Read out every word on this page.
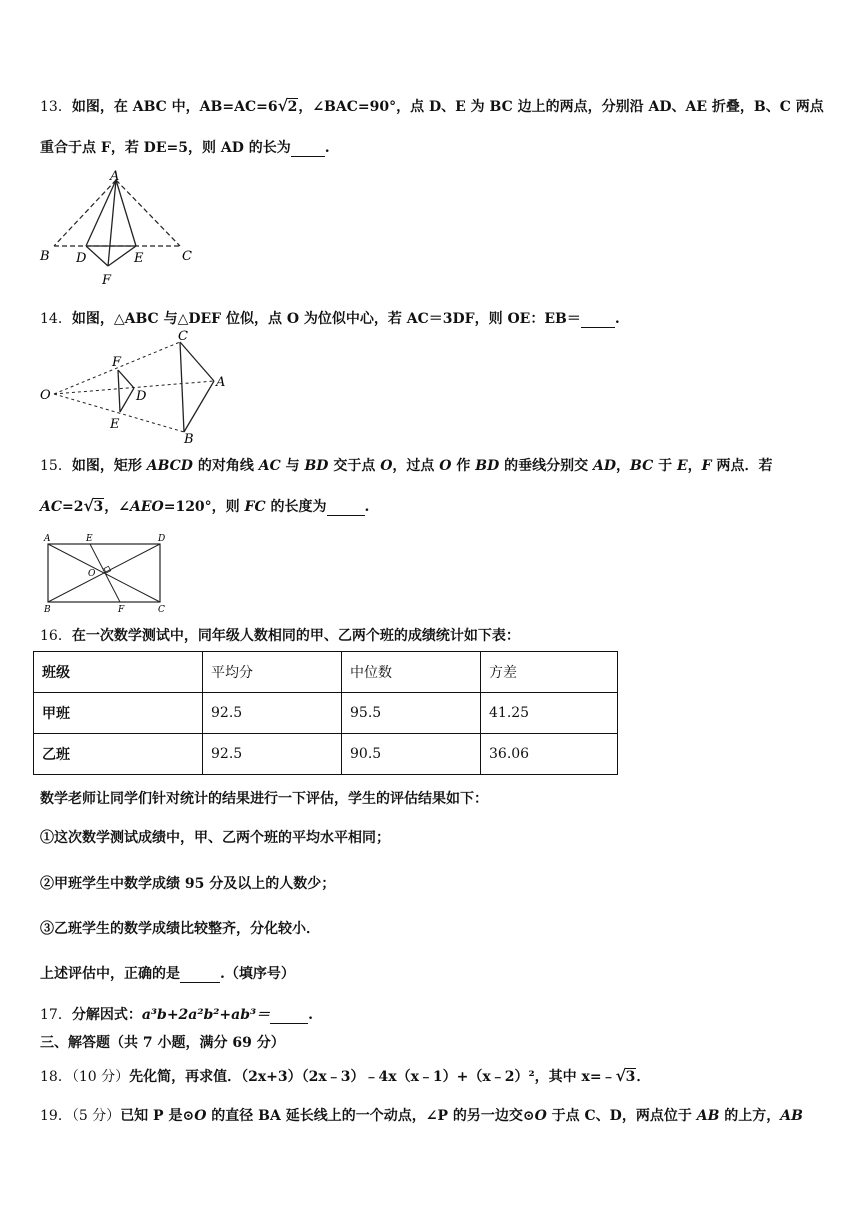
13．如图，在 ABC 中，AB=AC=6 √ 2，∠BAC=90°，点 D、E 为 BC 边上的两点，分别沿 AD、AE 折叠，B、C 两点
重合于点 F，若 DE=5，则 AD 的长为 .
A
B	C
D	E
F
14．如图，△ABC 与△DEF 位似，点 O 为位似中心，若 AC＝3DF，则 OE：EB＝ .
O
F
D
E
C
A
B
15．如图，矩形 ABCD 的对角线 AC 与 BD 交于点 O，过点 O 作 BD 的垂线分别交 AD，BC 于 E，F 两点．若
AC=2 √ 3，∠AEO=120°，则 FC 的长度为	.
A	E	D
O
B	F	C
16．在一次数学测试中，同年级人数相同的甲、乙两个班的成绩统计如下表：
班级	平均分	中位数	方差
甲班	92.5	95.5	41.25
乙班	92.5	90.5	36.06
数学老师让同学们针对统计的结果进行一下评估，学生的评估结果如下：
①这次数学测试成绩中，甲、乙两个班的平均水平相同；
②甲班学生中数学成绩 95 分及以上的人数少；
③乙班学生的数学成绩比较整齐，分化较小．
上述评估中，正确的是	.（填序号）
17．分解因式：a³b+2a²b²+ab³＝	.
三、解答题（共 7 小题，满分 69 分）
18．（10 分）先化简，再求值．（2x+3）（2x﹣3）﹣4x（x﹣1）+（x﹣2）²，其中 x=﹣ √ 3．
19．（5 分）已知 P 是⊙O 的直径 BA 延长线上的一个动点，∠P 的另一边交⊙O 于点 C、D，两点位于 AB 的上方，AB
